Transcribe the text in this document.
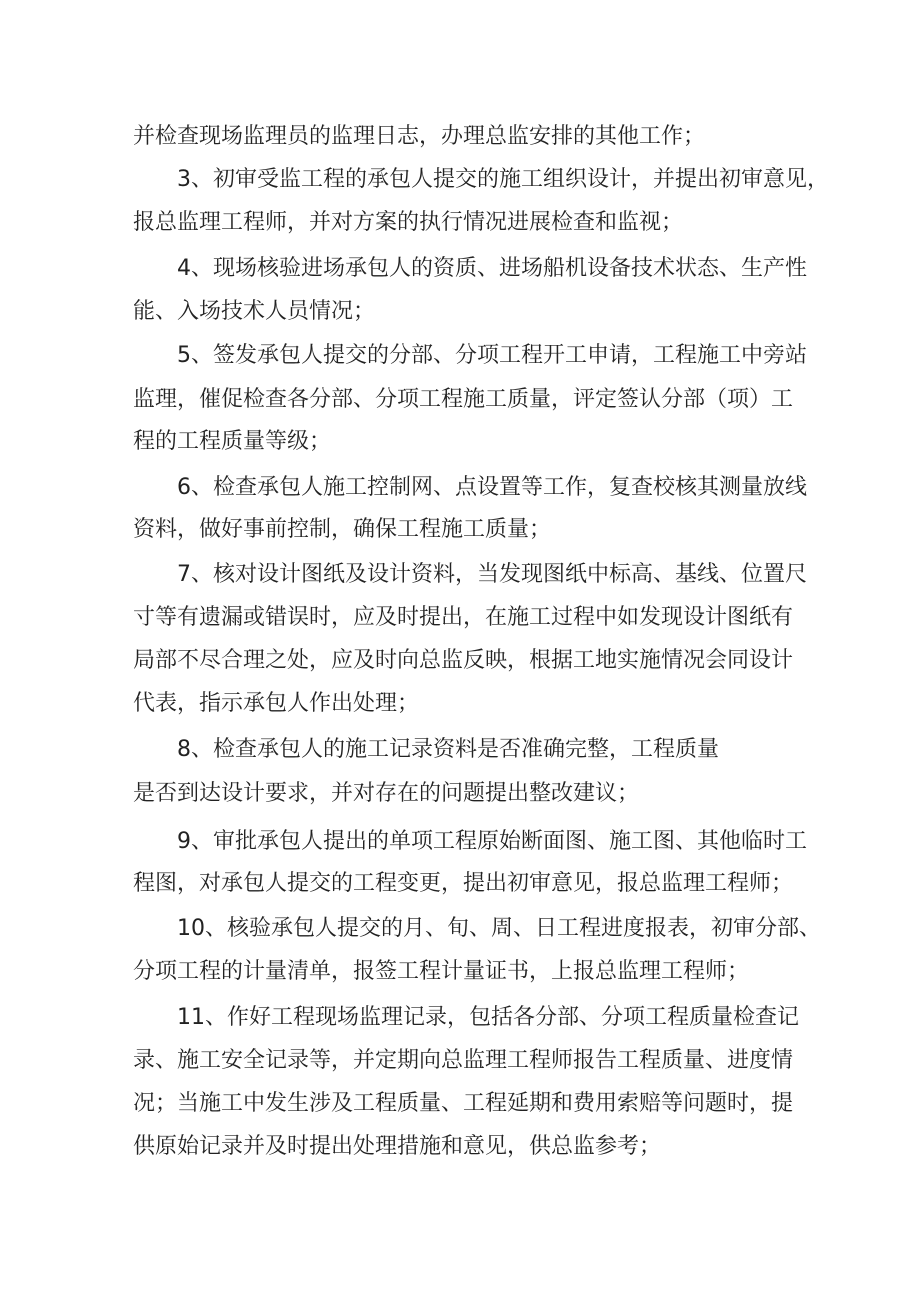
并检查现场监理员的监理日志，办理总监安排的其他工作；

3、初审受监工程的承包人提交的施工组织设计，并提出初审意见，

报总监理工程师，并对方案的执行情况进展检查和监视；

4、现场核验进场承包人的资质、进场船机设备技术状态、生产性

能、入场技术人员情况；

5、签发承包人提交的分部、分项工程开工申请，工程施工中旁站

监理，催促检查各分部、分项工程施工质量，评定签认分部（项）工

程的工程质量等级；

6、检查承包人施工控制网、点设置等工作，复查校核其测量放线

资料，做好事前控制，确保工程施工质量；

7、核对设计图纸及设计资料，当发现图纸中标高、基线、位置尺

寸等有遗漏或错误时，应及时提出，在施工过程中如发现设计图纸有

局部不尽合理之处，应及时向总监反映，根据工地实施情况会同设计

代表，指示承包人作出处理；

8、检查承包人的施工记录资料是否准确完整，工程质量

是否到达设计要求，并对存在的问题提出整改建议；

9、审批承包人提出的单项工程原始断面图、施工图、其他临时工

程图，对承包人提交的工程变更，提出初审意见，报总监理工程师；

10、核验承包人提交的月、旬、周、日工程进度报表，初审分部、

分项工程的计量清单，报签工程计量证书，上报总监理工程师；

11、作好工程现场监理记录，包括各分部、分项工程质量检查记

录、施工安全记录等，并定期向总监理工程师报告工程质量、进度情

况；当施工中发生涉及工程质量、工程延期和费用索赔等问题时，提

供原始记录并及时提出处理措施和意见，供总监参考；
